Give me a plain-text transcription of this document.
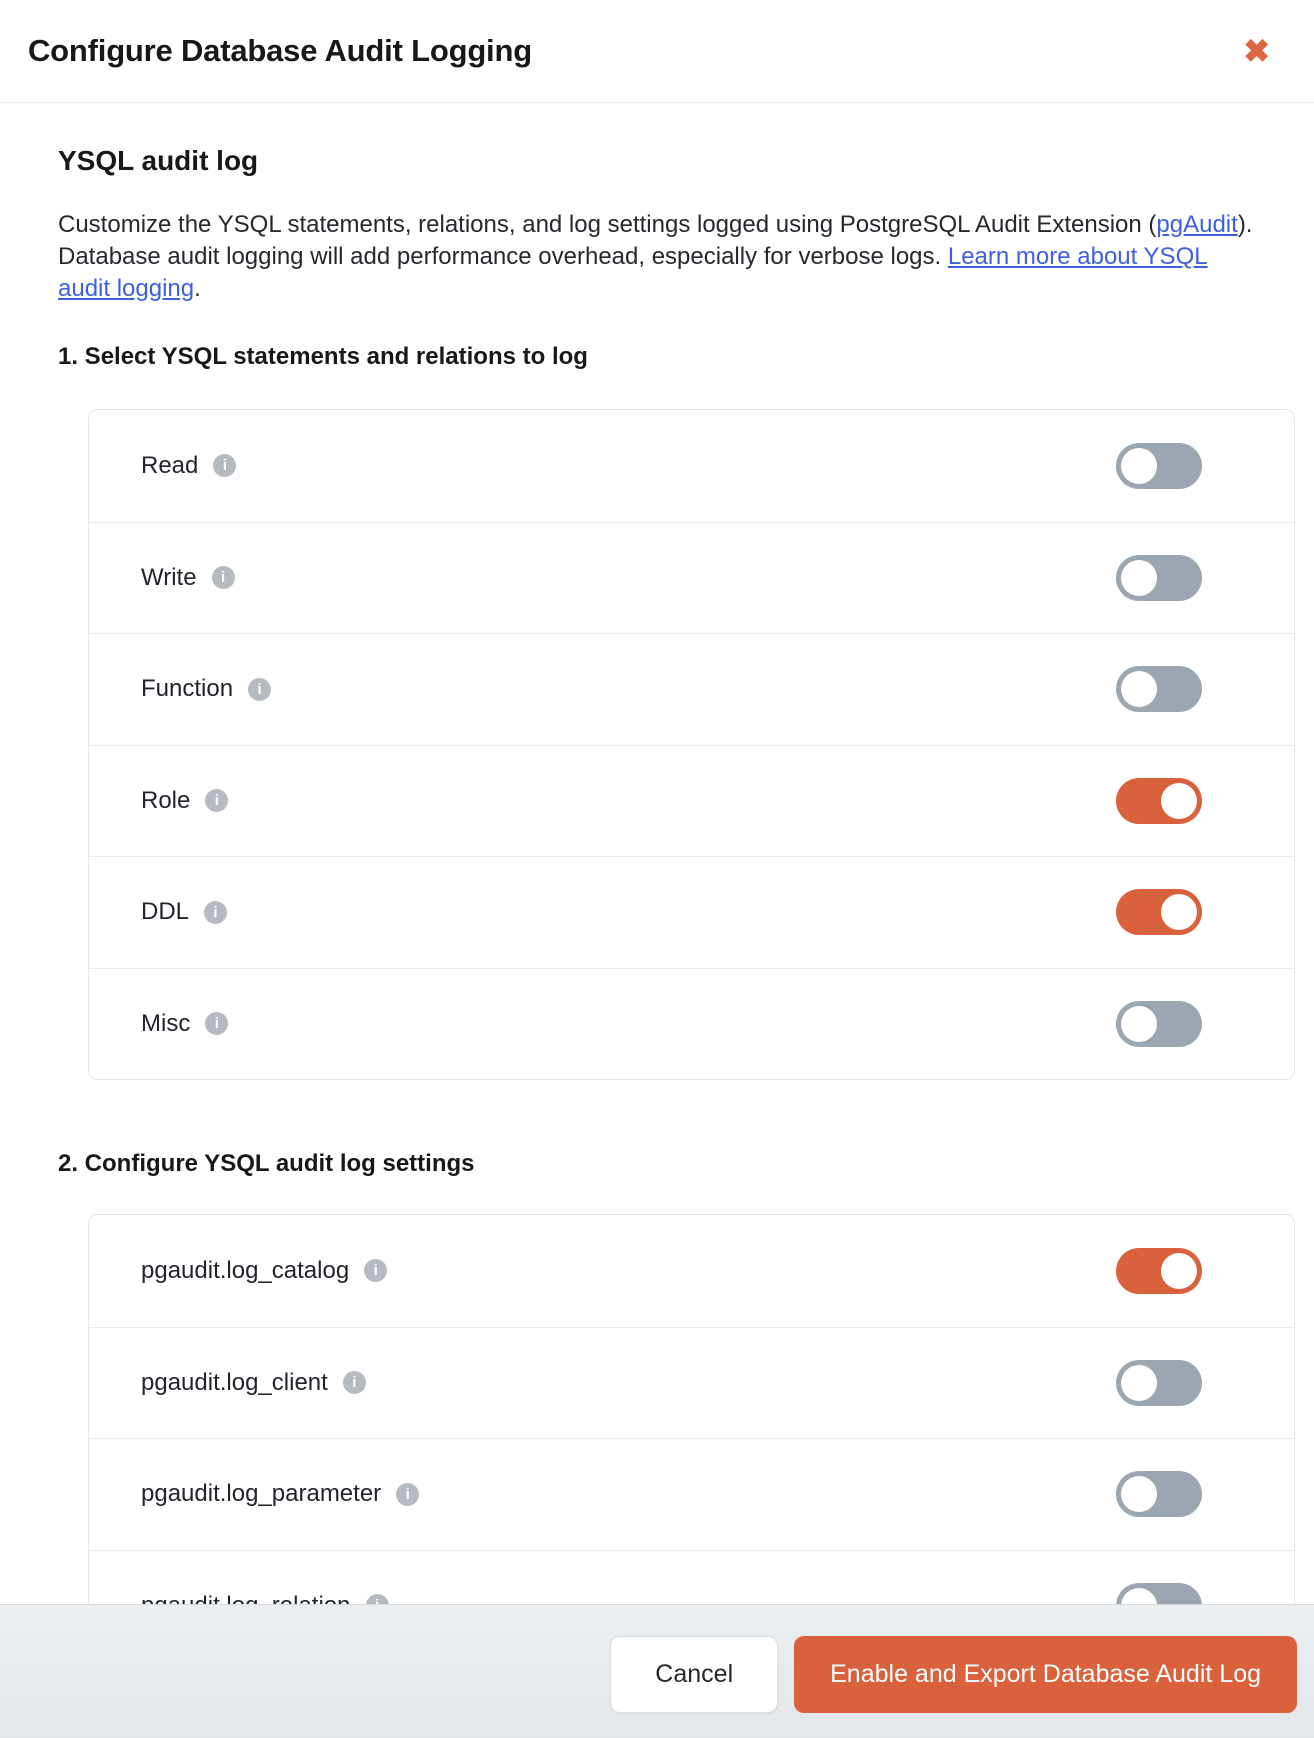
Configure Database Audit Logging	✖
YSQL audit log

Customize the YSQL statements, relations, and log settings logged using PostgreSQL Audit Extension (pgAudit). Database audit logging will add performance overhead, especially for verbose logs. Learn more about YSQL audit logging.

1. Select YSQL statements and relations to log
Read	i
Write	i
Function	i
Role	i
DDL	i
Misc	i
2. Configure YSQL audit log settings
pgaudit.log_catalog	i
pgaudit.log_client	i
pgaudit.log_parameter	i
Cancel	Enable and Export Database Audit Log
